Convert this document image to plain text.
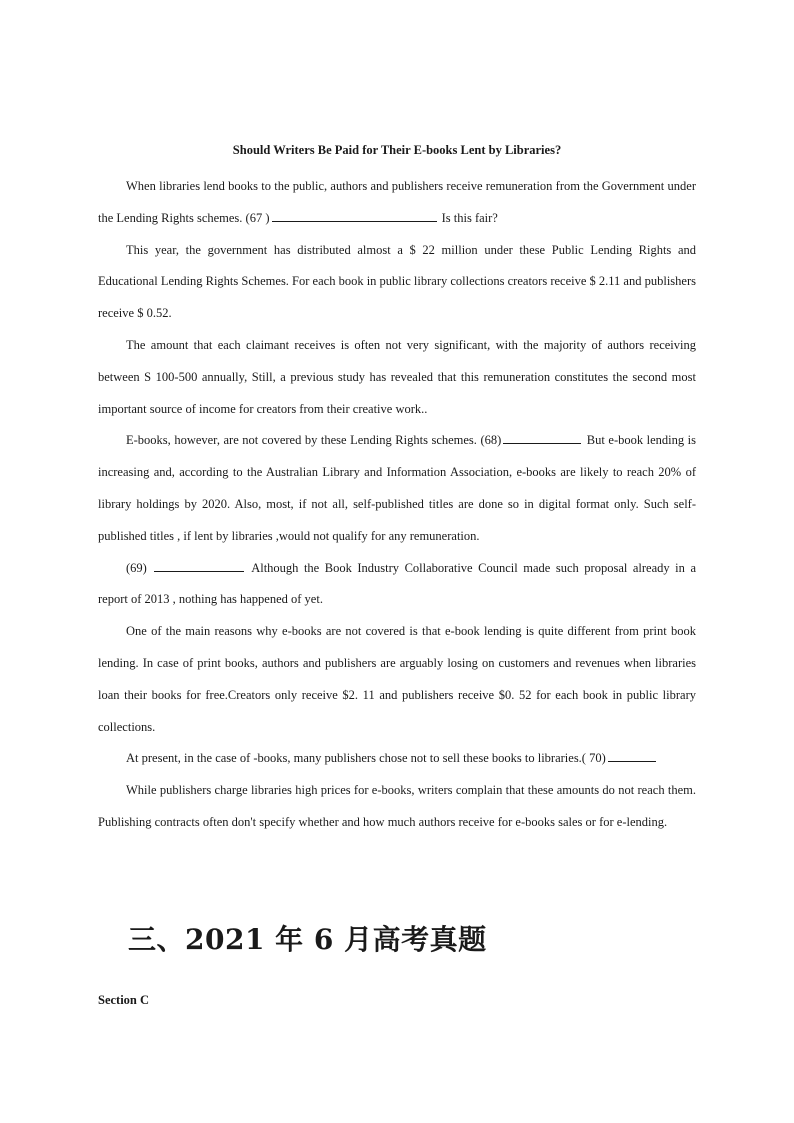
Should Writers Be Paid for Their E-books Lent by Libraries?

When libraries lend books to the public, authors and publishers receive remuneration from the Government under the Lending Rights schemes. (67 )	Is this fair?

This year, the government has distributed almost a $ 22 million under these Public Lending Rights and Educational Lending Rights Schemes. For each book in public library collections creators receive $ 2.11 and publishers receive $ 0.52.

The amount that each claimant receives is often not very significant, with the majority of authors receiving between S 100-500 annually, Still, a previous study has revealed that this remuneration constitutes the second most important source of income for creators from their creative work..

E-books, however, are not covered by these Lending Rights schemes. (68)	But e-book lending is increasing and, according to the Australian Library and Information Association, e-books are likely to reach 20% of library holdings by 2020. Also, most, if not all, self-published titles are done so in digital format only. Such self-published titles , if lent by libraries ,would not qualify for any remuneration.

(69)	Although the Book Industry Collaborative Council made such proposal already in a report of 2013 , nothing has happened of yet.

One of the main reasons why e-books are not covered is that e-book lending is quite different from print book lending. In case of print books, authors and publishers are arguably losing on customers and revenues when libraries loan their books for free.Creators only receive $2. 11 and publishers receive $0. 52 for each book in public library collections.

At present, in the case of -books, many publishers chose not to sell these books to libraries.( 70)

While publishers charge libraries high prices for e-books, writers complain that these amounts do not reach them. Publishing contracts often don't specify whether and how much authors receive for e-books sales or for e-lending.

三、2021 年 6 月高考真题

Section C
